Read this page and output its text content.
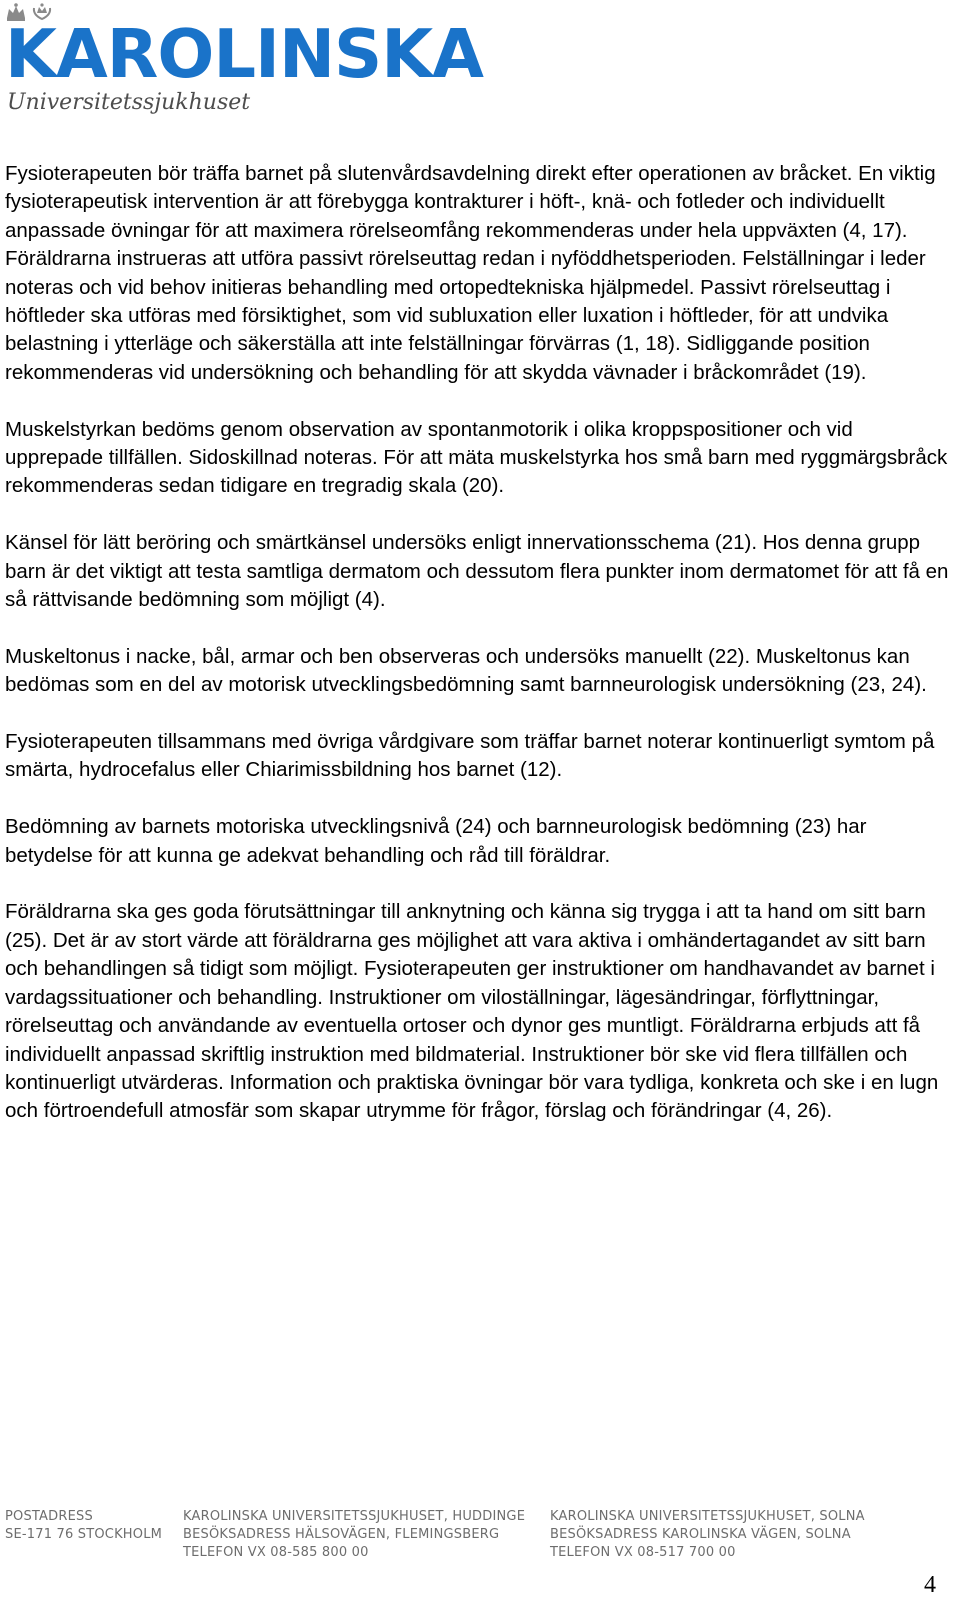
KAROLINSKA
Universitetssjukhuset

Fysioterapeuten bör träffa barnet på slutenvårdsavdelning direkt efter operationen av bråcket. En viktig fysioterapeutisk intervention är att förebygga kontrakturer i höft-, knä- och fotleder och individuellt anpassade övningar för att maximera rörelseomfång rekommenderas under hela uppväxten (4, 17). Föräldrarna instrueras att utföra passivt rörelseuttag redan i nyföddhetsperioden. Felställningar i leder noteras och vid behov initieras behandling med ortopedtekniska hjälpmedel. Passivt rörelseuttag i höftleder ska utföras med försiktighet, som vid subluxation eller luxation i höftleder, för att undvika belastning i ytterläge och säkerställa att inte felställningar förvärras (1, 18). Sidliggande position rekommenderas vid undersökning och behandling för att skydda vävnader i bråckområdet (19).

Muskelstyrkan bedöms genom observation av spontanmotorik i olika kroppspositioner och vid upprepade tillfällen. Sidoskillnad noteras. För att mäta muskelstyrka hos små barn med ryggmärgsbråck rekommenderas sedan tidigare en tregradig skala (20).

Känsel för lätt beröring och smärtkänsel undersöks enligt innervationsschema (21). Hos denna grupp barn är det viktigt att testa samtliga dermatom och dessutom flera punkter inom dermatomet för att få en så rättvisande bedömning som möjligt (4).

Muskeltonus i nacke, bål, armar och ben observeras och undersöks manuellt (22). Muskeltonus kan bedömas som en del av motorisk utvecklingsbedömning samt barnneurologisk undersökning (23, 24).

Fysioterapeuten tillsammans med övriga vårdgivare som träffar barnet noterar kontinuerligt symtom på smärta, hydrocefalus eller Chiarimissbildning hos barnet (12).

Bedömning av barnets motoriska utvecklingsnivå (24) och barnneurologisk bedömning (23) har betydelse för att kunna ge adekvat behandling och råd till föräldrar.

Föräldrarna ska ges goda förutsättningar till anknytning och känna sig trygga i att ta hand om sitt barn (25). Det är av stort värde att föräldrarna ges möjlighet att vara aktiva i omhändertagandet av sitt barn och behandlingen så tidigt som möjligt. Fysioterapeuten ger instruktioner om handhavandet av barnet i vardagssituationer och behandling. Instruktioner om viloställningar, lägesändringar, förflyttningar, rörelseuttag och användande av eventuella ortoser och dynor ges muntligt. Föräldrarna erbjuds att få individuellt anpassad skriftlig instruktion med bildmaterial. Instruktioner bör ske vid flera tillfällen och kontinuerligt utvärderas. Information och praktiska övningar bör vara tydliga, konkreta och ske i en lugn och förtroendefull atmosfär som skapar utrymme för frågor, förslag och förändringar (4, 26).

POSTADRESS
SE-171 76 STOCKHOLM
KAROLINSKA UNIVERSITETSSJUKHUSET, HUDDINGE
BESÖKSADRESS HÄLSOVÄGEN, FLEMINGSBERG
TELEFON VX 08-585 800 00
KAROLINSKA UNIVERSITETSSJUKHUSET, SOLNA
BESÖKSADRESS KAROLINSKA VÄGEN, SOLNA
TELEFON VX 08-517 700 00
4
